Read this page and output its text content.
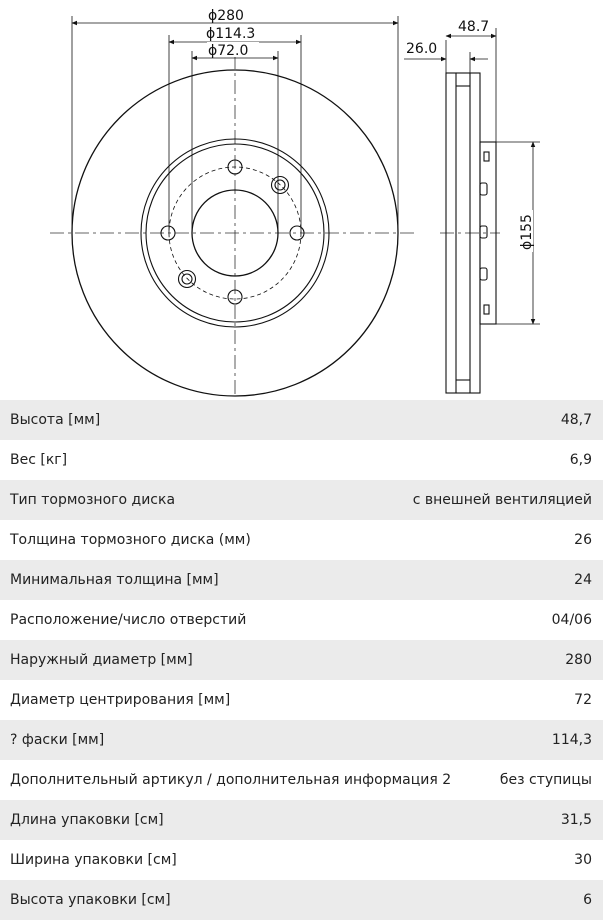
ϕ280
ϕ114.3
ϕ72.0
48.7
26.0
ϕ155
Высота [мм]	48,7
Вес [кг]	6,9
Тип тормозного диска	с внешней вентиляцией
Толщина тормозного диска (мм)	26
Минимальная толщина [мм]	24
Расположение/число отверстий	04/06
Наружный диаметр [мм]	280
Диаметр центрирования [мм]	72
? фаски [мм]	114,3
Дополнительный артикул / дополнительная информация 2	без ступицы
Длина упаковки [см]	31,5
Ширина упаковки [см]	30
Высота упаковки [см]	6
